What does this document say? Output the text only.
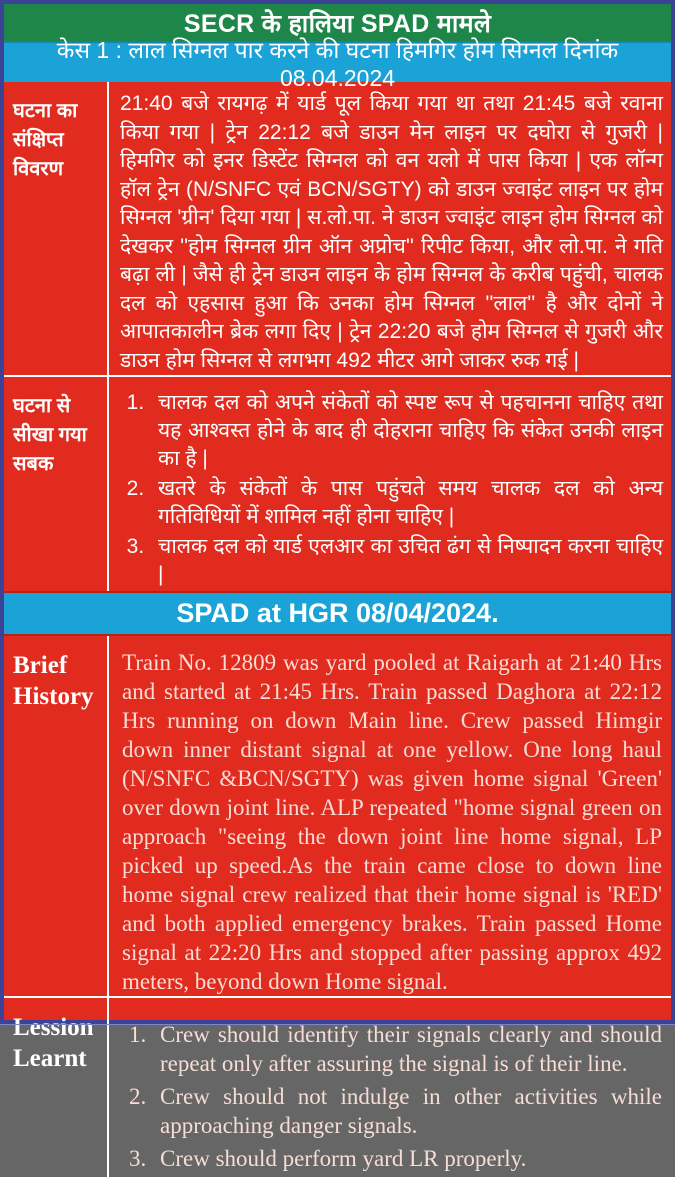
SECR के हालिया SPAD मामले
केस 1 : लाल सिग्नल पार करने की घटना हिमगिर होम सिग्नल दिनांक 08.04.2024
घटना का संक्षिप्त विवरण
21:40 बजे रायगढ़ में यार्ड पूल किया गया था तथा 21:45 बजे रवाना किया गया | ट्रेन 22:12 बजे डाउन मेन लाइन पर दघोरा से गुजरी | हिमगिर को इनर डिस्टेंट सिग्नल को वन यलो में पास किया | एक लॉन्ग हॉल ट्रेन (N/SNFC एवं BCN/SGTY) को डाउन ज्वाइंट लाइन पर होम सिग्नल 'ग्रीन' दिया गया | स.लो.पा. ने डाउन ज्वाइंट लाइन होम सिग्नल को देखकर ''होम सिग्नल ग्रीन ऑन अप्रोच'' रिपीट किया, और लो.पा. ने गति बढ़ा ली | जैसे ही ट्रेन डाउन लाइन के होम सिग्नल के करीब पहुंची, चालक दल को एहसास हुआ कि उनका होम सिग्नल ''लाल'' है और दोनों ने आपातकालीन ब्रेक लगा दिए | ट्रेन 22:20 बजे होम सिग्नल से गुजरी और डाउन होम सिग्नल से लगभग 492 मीटर आगे जाकर रुक गई |
घटना से सीखा गया सबक
1. चालक दल को अपने संकेतों को स्पष्ट रूप से पहचानना चाहिए तथा यह आश्वस्त होने के बाद ही दोहराना चाहिए कि संकेत उनकी लाइन का है |
2. खतरे के संकेतों के पास पहुंचते समय चालक दल को अन्य गतिविधियों में शामिल नहीं होना चाहिए |
3. चालक दल को यार्ड एलआर का उचित ढंग से निष्पादन करना चाहिए |
SPAD at HGR 08/04/2024.
Brief History
Train No. 12809 was yard pooled at Raigarh at 21:40 Hrs and started at 21:45 Hrs. Train passed Daghora at 22:12 Hrs running on down Main line. Crew passed Himgir down inner distant signal at one yellow. One long haul (N/SNFC &BCN/SGTY) was given home signal 'Green' over down joint line. ALP repeated "home signal green on approach "seeing the down joint line home signal, LP picked up speed.As the train came close to down line home signal crew realized that their home signal is 'RED' and both applied emergency brakes. Train passed Home signal at 22:20 Hrs and stopped after passing approx 492 meters, beyond down Home signal.
Lession Learnt
1. Crew should identify their signals clearly and should repeat only after assuring the signal is of their line.
2. Crew should not indulge in other activities while approaching danger signals.
3. Crew should perform yard LR properly.
